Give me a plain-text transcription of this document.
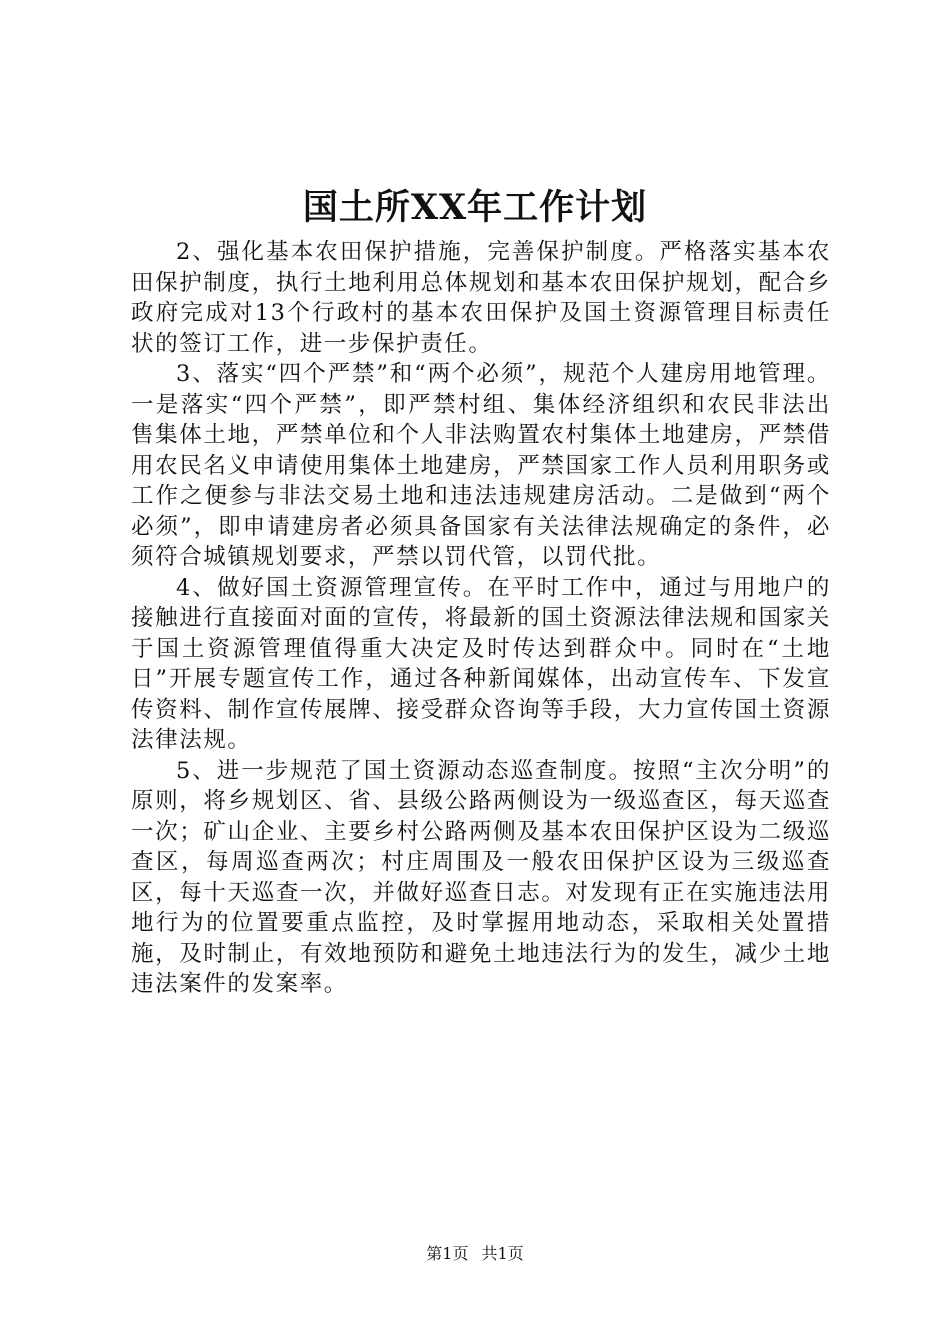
国土所XX年工作计划

2、强化基本农田保护措施，完善保护制度。严格落实基本农田保护制度，执行土地利用总体规划和基本农田保护规划，配合乡政府完成对13个行政村的基本农田保护及国土资源管理目标责任状的签订工作，进一步保护责任。

3、落实“四个严禁”和“两个必须”，规范个人建房用地管理。一是落实“四个严禁”，即严禁村组、集体经济组织和农民非法出售集体土地，严禁单位和个人非法购置农村集体土地建房，严禁借用农民名义申请使用集体土地建房，严禁国家工作人员利用职务或工作之便参与非法交易土地和违法违规建房活动。二是做到“两个必须”，即申请建房者必须具备国家有关法律法规确定的条件，必须符合城镇规划要求，严禁以罚代管，以罚代批。

4、做好国土资源管理宣传。在平时工作中，通过与用地户的接触进行直接面对面的宣传，将最新的国土资源法律法规和国家关于国土资源管理值得重大决定及时传达到群众中。同时在“土地日”开展专题宣传工作，通过各种新闻媒体，出动宣传车、下发宣传资料、制作宣传展牌、接受群众咨询等手段，大力宣传国土资源法律法规。

5、进一步规范了国土资源动态巡查制度。按照“主次分明”的原则，将乡规划区、省、县级公路两侧设为一级巡查区，每天巡查一次；矿山企业、主要乡村公路两侧及基本农田保护区设为二级巡查区，每周巡查两次；村庄周围及一般农田保护区设为三级巡查区，每十天巡查一次，并做好巡查日志。对发现有正在实施违法用地行为的位置要重点监控，及时掌握用地动态，采取相关处置措施，及时制止，有效地预防和避免土地违法行为的发生，减少土地违法案件的发案率。

第1页 共1页
